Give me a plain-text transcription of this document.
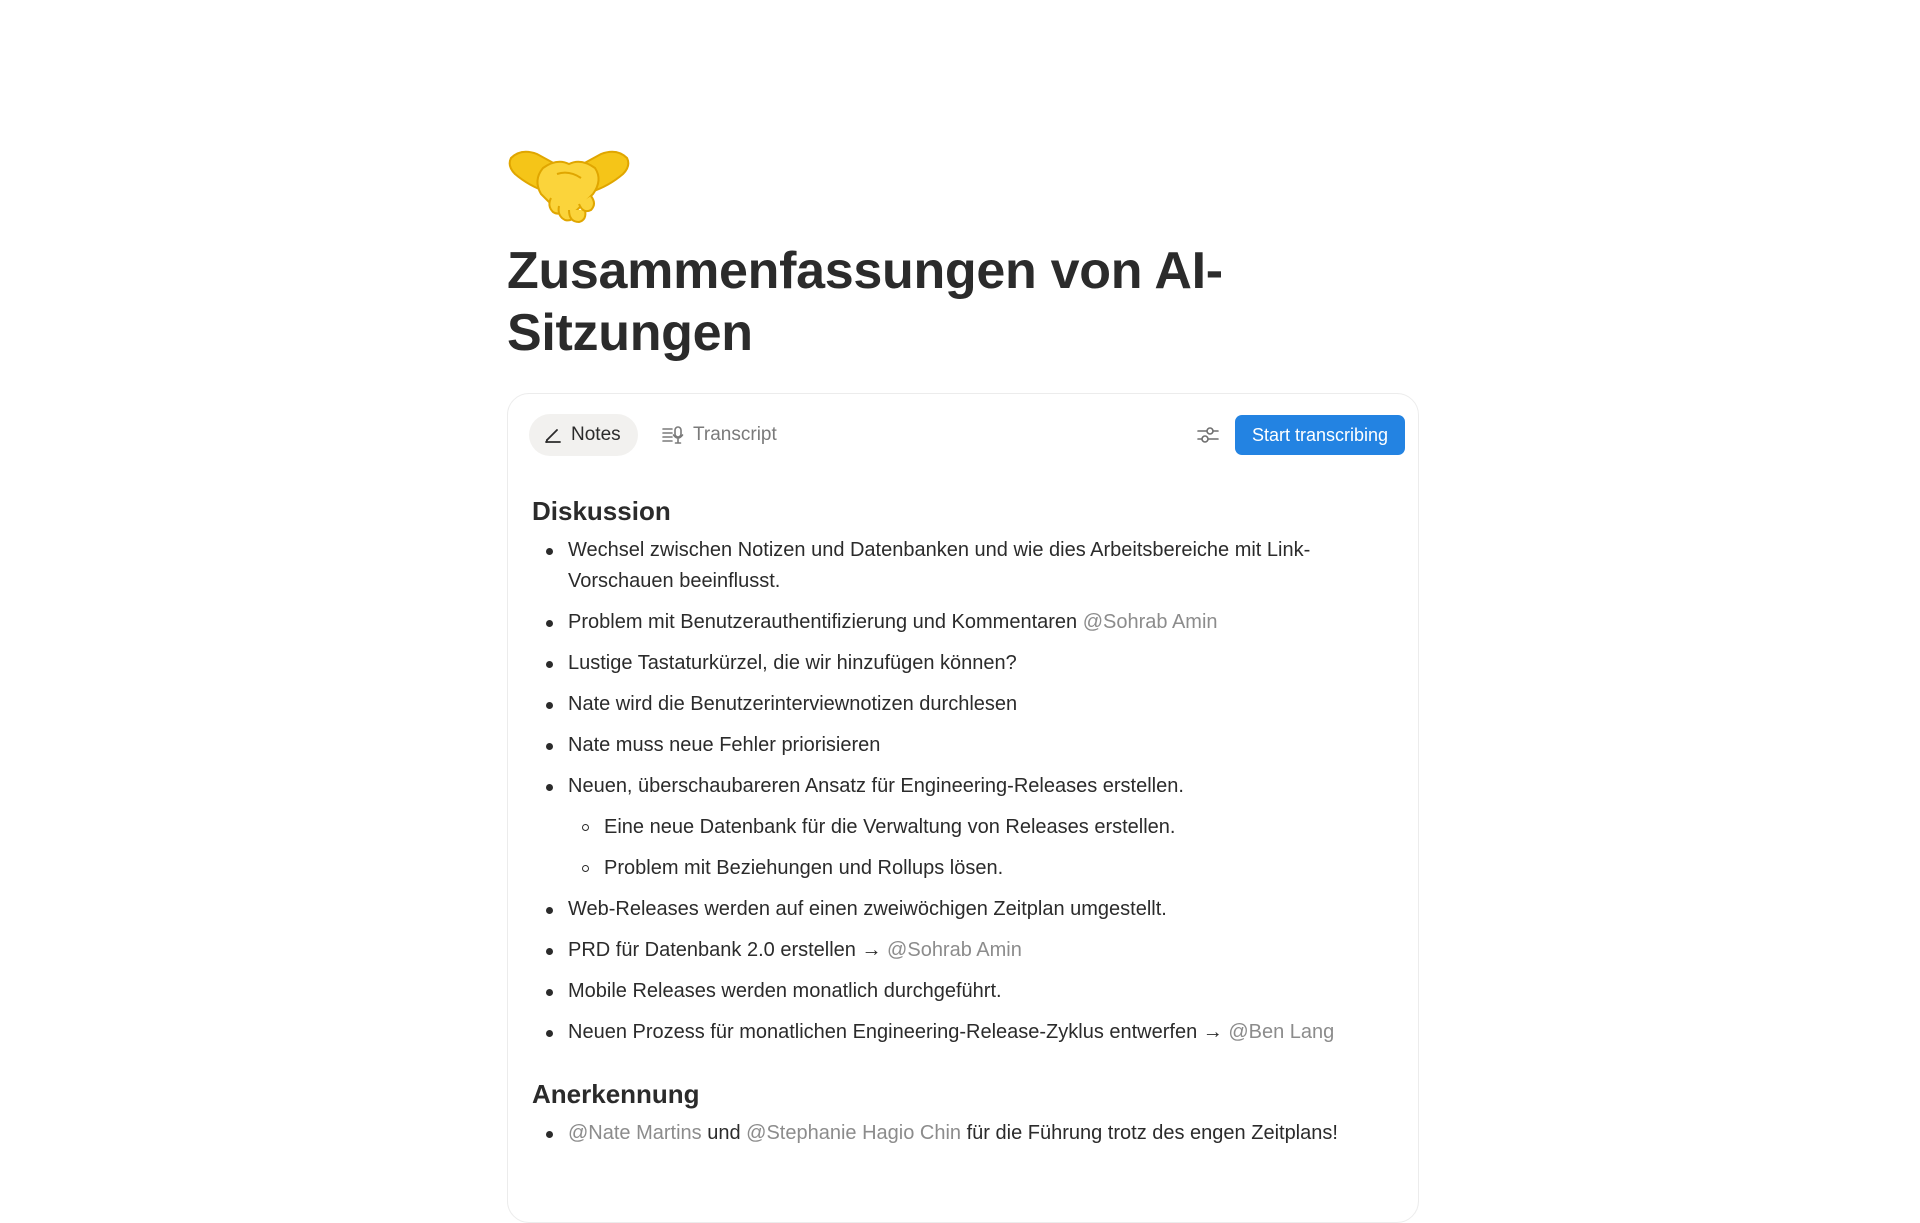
Zusammenfassungen von AI-Sitzungen
Notes	Transcript	Start transcribing
Diskussion
Wechsel zwischen Notizen und Datenbanken und wie dies Arbeitsbereiche mit Link-Vorschauen beeinflusst.
Problem mit Benutzerauthentifizierung und Kommentaren @Sohrab Amin
Lustige Tastaturkürzel, die wir hinzufügen können?
Nate wird die Benutzerinterviewnotizen durchlesen
Nate muss neue Fehler priorisieren
Neuen, überschaubareren Ansatz für Engineering-Releases erstellen.
Eine neue Datenbank für die Verwaltung von Releases erstellen.
Problem mit Beziehungen und Rollups lösen.
Web-Releases werden auf einen zweiwöchigen Zeitplan umgestellt.
PRD für Datenbank 2.0 erstellen → @Sohrab Amin
Mobile Releases werden monatlich durchgeführt.
Neuen Prozess für monatlichen Engineering-Release-Zyklus entwerfen → @Ben Lang
Anerkennung
@Nate Martins und @Stephanie Hagio Chin für die Führung trotz des engen Zeitplans!
